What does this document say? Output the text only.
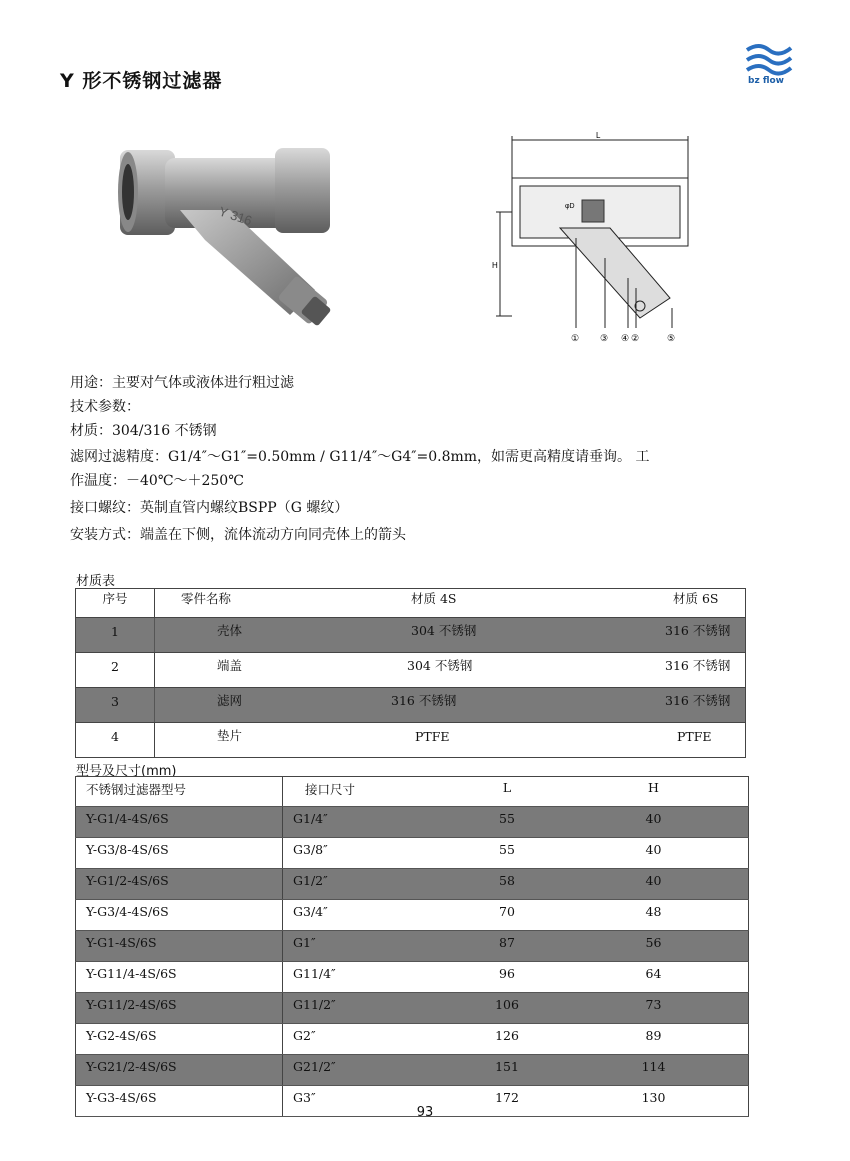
Y 形不锈钢过滤器	bz flow
Y 316
L
H
φD
① ③ ④ ②	⑤
用途：主要对气体或液体进行粗过滤
技术参数：
材质：304/316 不锈钢
滤网过滤精度：G1/4″～G1″=0.50mm / G11/4″～G4″=0.8mm，如需更高精度请垂询。 工
作温度：－40℃～＋250℃
接口螺纹：英制直管内螺纹BSPP（G 螺纹）
安装方式：端盖在下侧，流体流动方向同壳体上的箭头
材质表
序号	零件名称	材质 4S	材质 6S
1	壳体	304 不锈钢	316 不锈钢
2	端盖	304 不锈钢	316 不锈钢
3	滤网	316 不锈钢	316 不锈钢
4	垫片	PTFE	PTFE
型号及尺寸(mm)
不锈钢过滤器型号	接口尺寸	L	H
Y-G1/4-4S/6S	G1/4″	55	40
Y-G3/8-4S/6S	G3/8″	55	40
Y-G1/2-4S/6S	G1/2″	58	40
Y-G3/4-4S/6S	G3/4″	70	48
Y-G1-4S/6S	G1″	87	56
Y-G11/4-4S/6S	G11/4″	96	64
Y-G11/2-4S/6S	G11/2″	106	73
Y-G2-4S/6S	G2″	126	89
Y-G21/2-4S/6S	G21/2″	151	114
Y-G3-4S/6S	G3″	172	130
93
